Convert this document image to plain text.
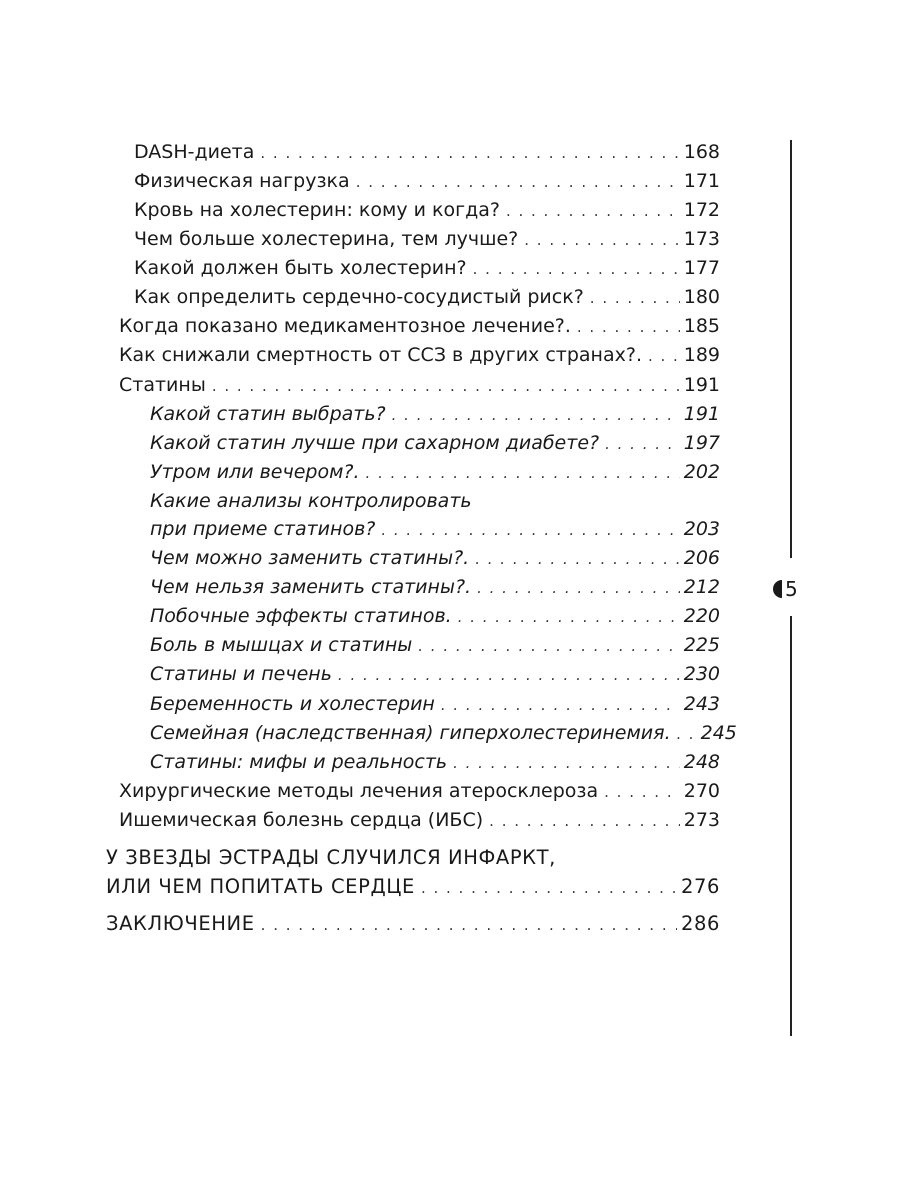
DASH-диета . . .	168
Физическая нагрузка . . .	171
Кровь на холестерин: кому и когда? . . .	172
Чем больше холестерина, тем лучше? . . .	173
Какой должен быть холестерин? . . .	177
Как определить сердечно-сосудистый риск? . . .	180
Когда показано медикаментозное лечение?. . . .	185
Как снижали смертность от ССЗ в других странах?. . . . 189
Статины . . .	191
Какой статин выбрать? . . .	191
Какой статин лучше при сахарном диабете? . . .	197
Утром или вечером?. . . .	202
Какие анализы контролировать
при приеме статинов? . . .	203
Чем можно заменить статины?. . . .	206
Чем нельзя заменить статины?. . . .	212
Побочные эффекты статинов. . . .	220
Боль в мышцах и статины . . .	225
Статины и печень . . .	230
Беременность и холестерин . . .	243
Семейная (наследственная) гиперхолестеринемия. . . . 245
Статины: мифы и реальность . . .	248
Хирургические методы лечения атеросклероза . . .	270
Ишемическая болезнь сердца (ИБС) . . .	273
У ЗВЕЗДЫ ЭСТРАДЫ СЛУЧИЛСЯ ИНФАРКТ,
ИЛИ ЧЕМ ПОПИТАТЬ СЕРДЦЕ . . .	276
ЗАКЛЮЧЕНИЕ . . .	286
5
